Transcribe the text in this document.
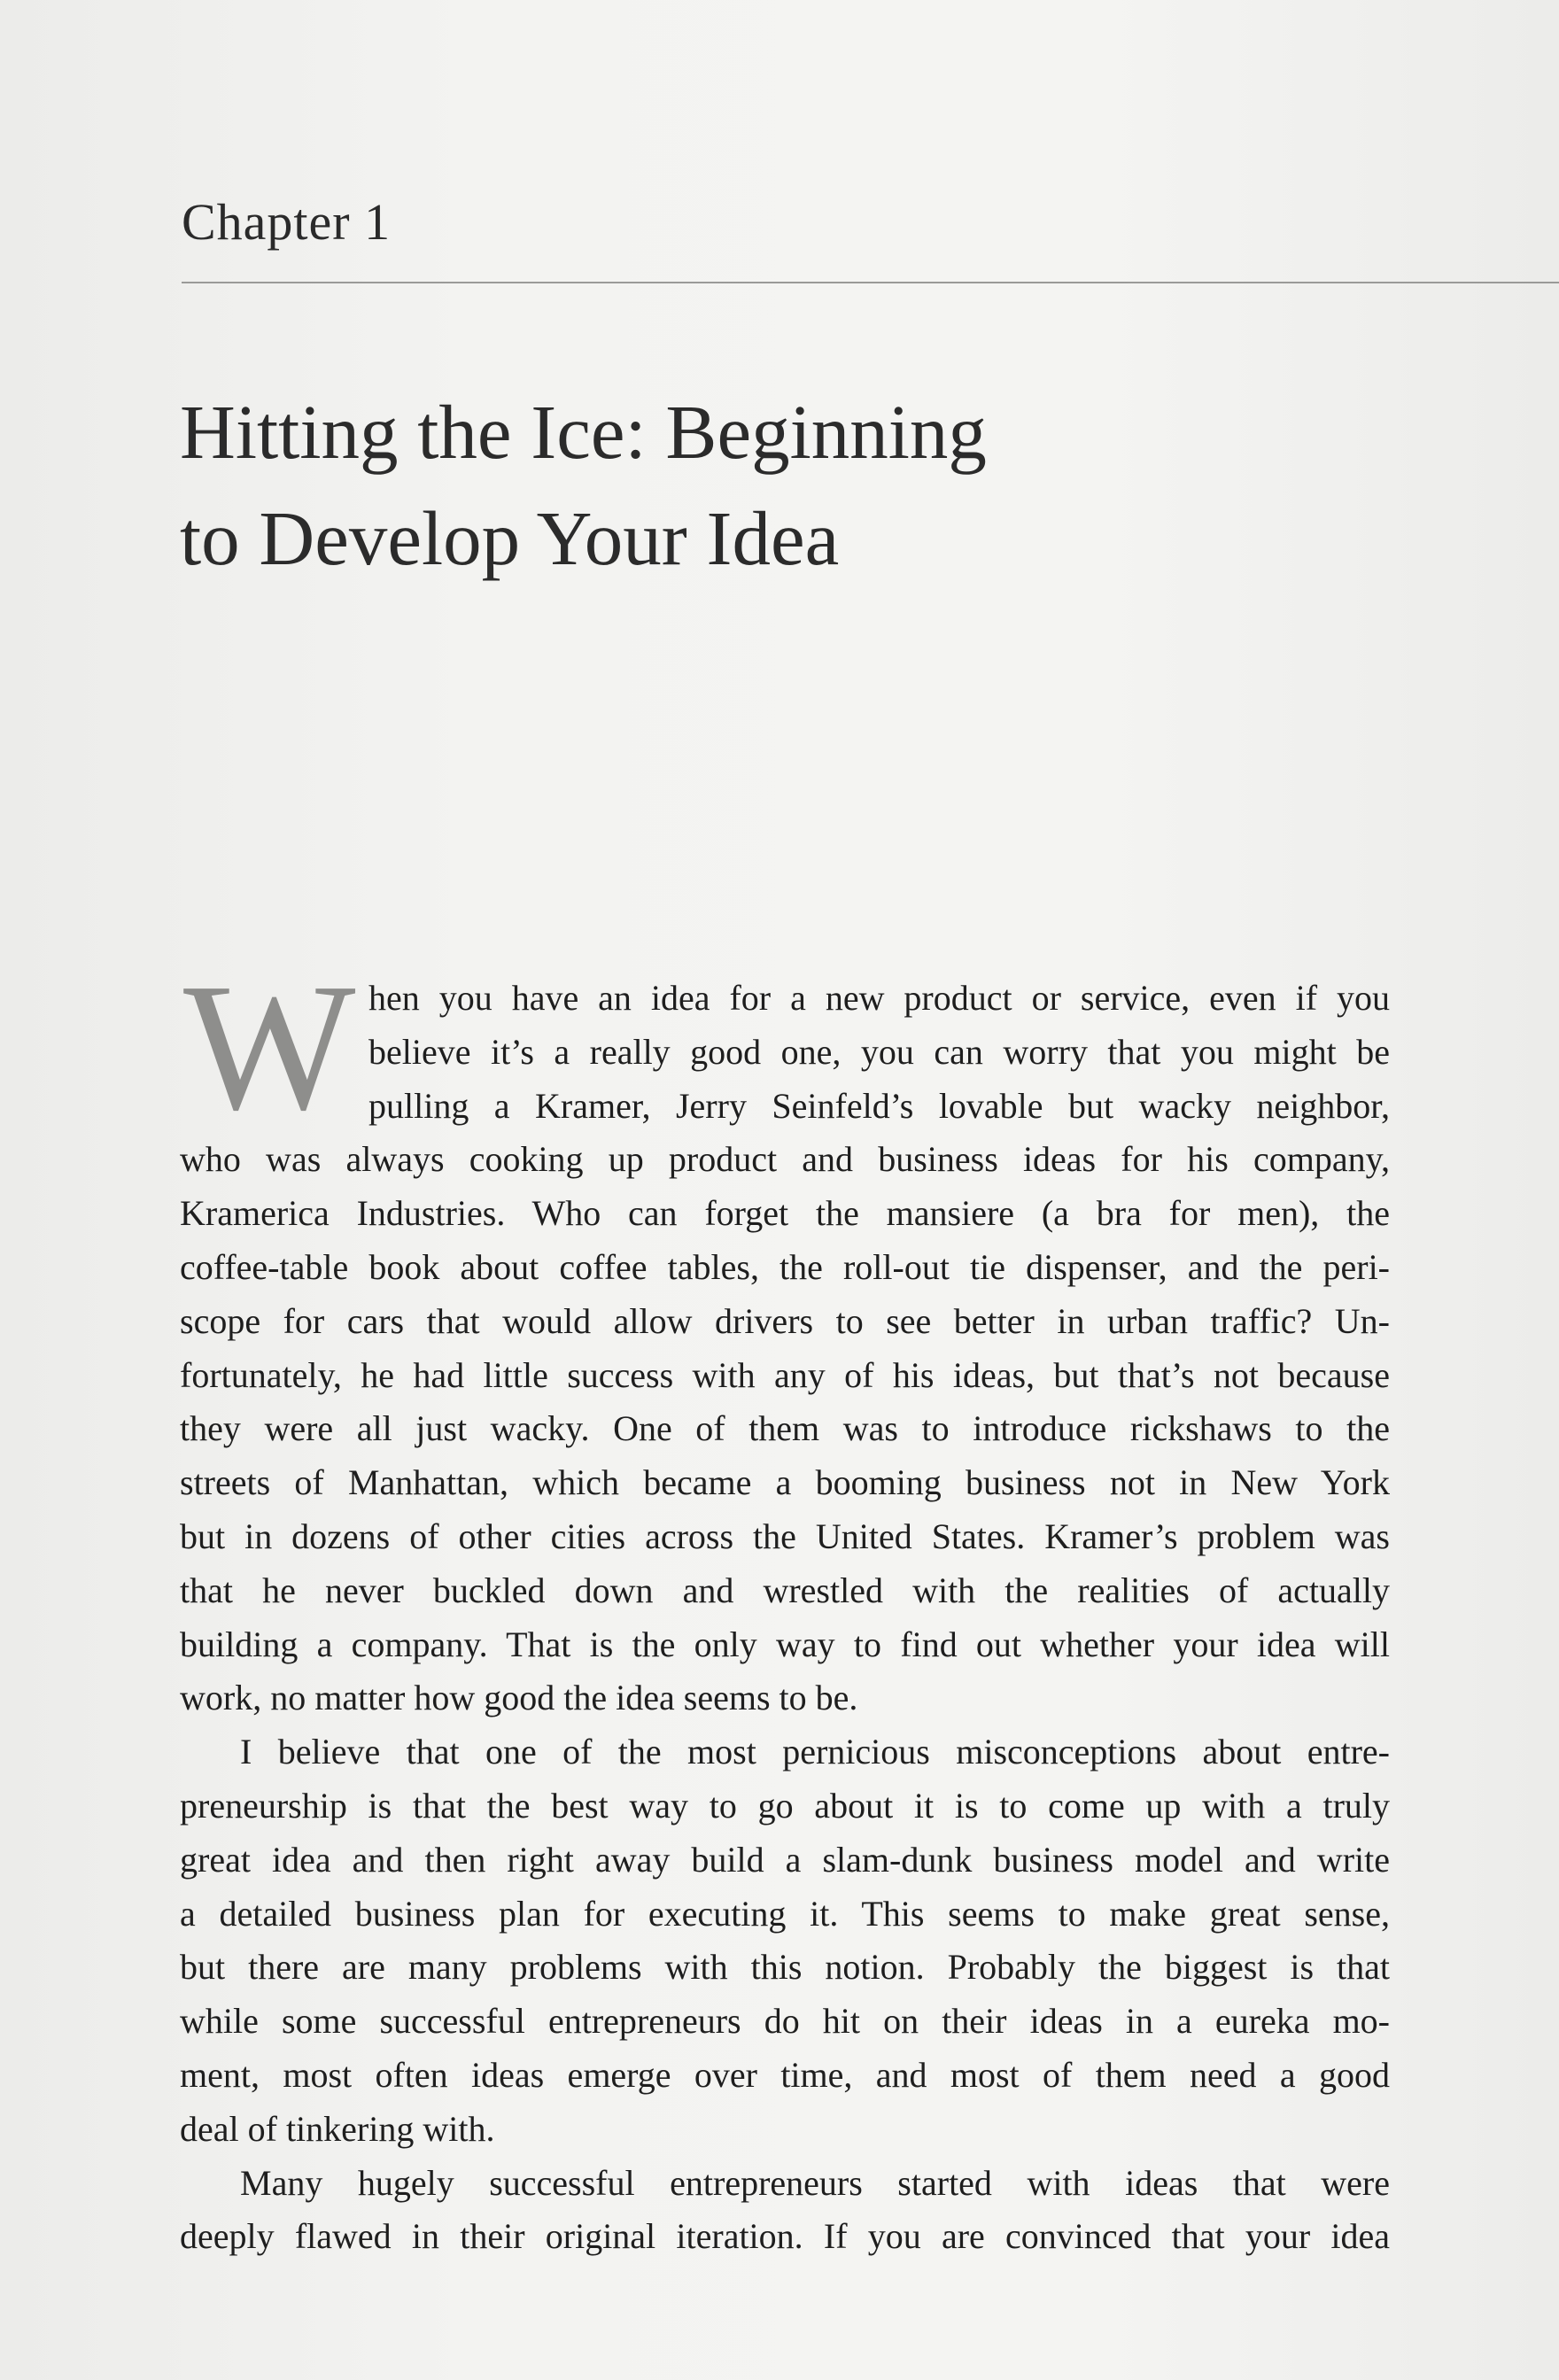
Chapter 1
Hitting the Ice: Beginning
to Develop Your Idea
W hen you have an idea for a new product or service, even if you
believe it’s a really good one, you can worry that you might be
pulling a Kramer, Jerry Seinfeld’s lovable but wacky neighbor,
who was always cooking up product and business ideas for his company,
Kramerica Industries. Who can forget the mansiere (a bra for men), the
coffee-table book about coffee tables, the roll-out tie dispenser, and the peri-
scope for cars that would allow drivers to see better in urban traffic? Un-
fortunately, he had little success with any of his ideas, but that’s not because
they were all just wacky. One of them was to introduce rickshaws to the
streets of Manhattan, which became a booming business not in New York
but in dozens of other cities across the United States. Kramer’s problem was
that he never buckled down and wrestled with the realities of actually
building a company. That is the only way to find out whether your idea will
work, no matter how good the idea seems to be.
I believe that one of the most pernicious misconceptions about entre-
preneurship is that the best way to go about it is to come up with a truly
great idea and then right away build a slam-dunk business model and write
a detailed business plan for executing it. This seems to make great sense,
but there are many problems with this notion. Probably the biggest is that
while some successful entrepreneurs do hit on their ideas in a eureka mo-
ment, most often ideas emerge over time, and most of them need a good
deal of tinkering with.
Many hugely successful entrepreneurs started with ideas that were
deeply flawed in their original iteration. If you are convinced that your idea
